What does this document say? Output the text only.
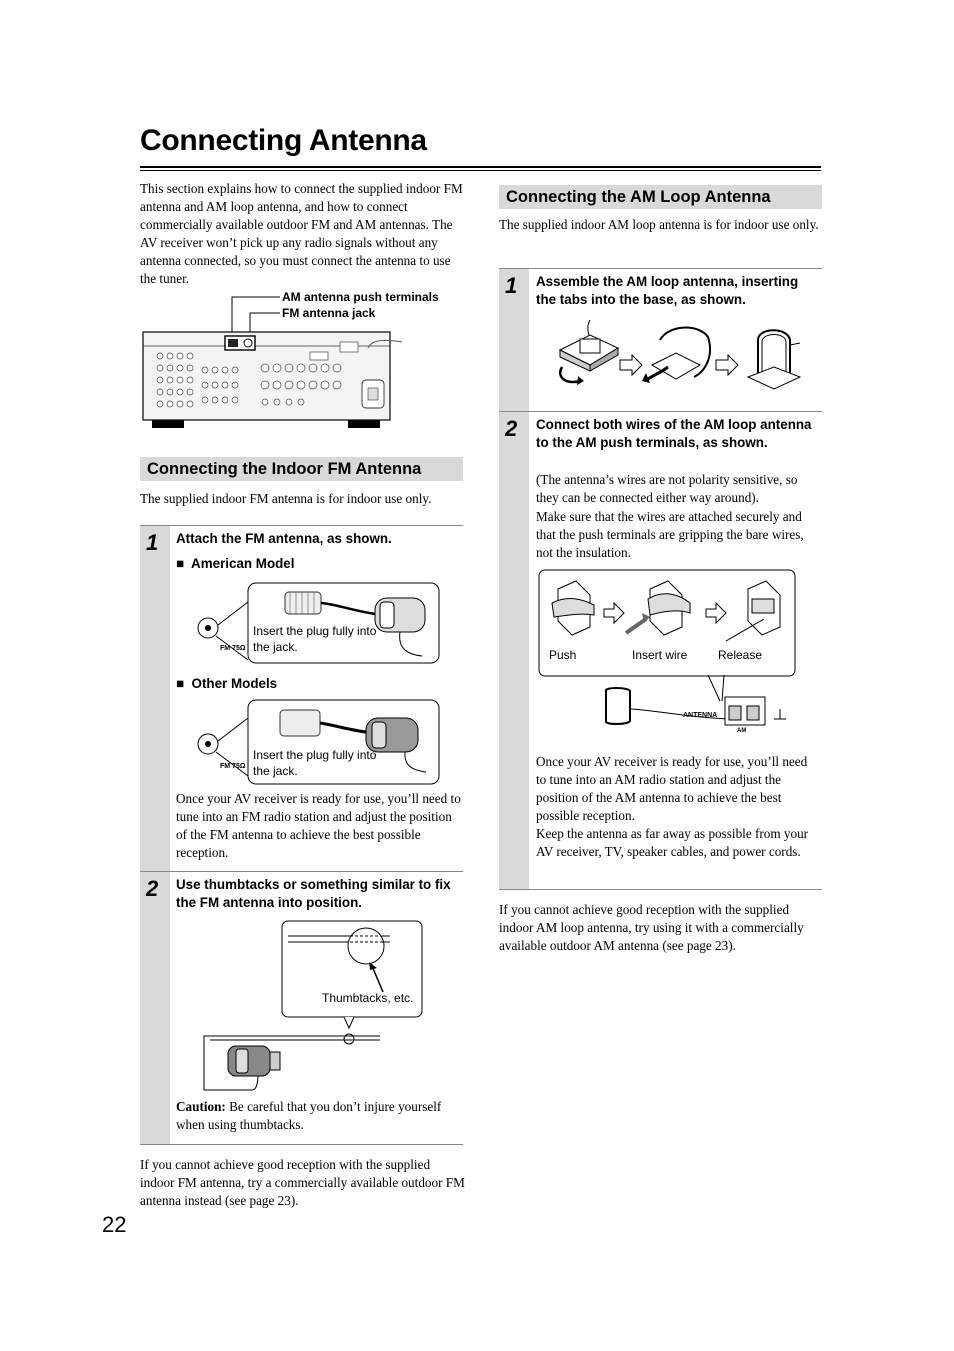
Connecting Antenna
This section explains how to connect the supplied indoor FM antenna and AM loop antenna, and how to connect commercially available outdoor FM and AM antennas. The AV receiver won’t pick up any radio signals without any antenna connected, so you must connect the antenna to use the tuner.
AM antenna push terminals
FM antenna jack
Connecting the Indoor FM Antenna
The supplied indoor FM antenna is for indoor use only.
1 Attach the FM antenna, as shown.
■ American Model
Insert the plug fully into the jack.
FM 75Ω
■ Other Models
Insert the plug fully into the jack.
FM 75Ω
Once your AV receiver is ready for use, you’ll need to tune into an FM radio station and adjust the position of the FM antenna to achieve the best possible reception.
2 Use thumbtacks or something similar to fix the FM antenna into position.
Thumbtacks, etc.
Caution: Be careful that you don’t injure yourself when using thumbtacks.
If you cannot achieve good reception with the supplied indoor FM antenna, try a commercially available outdoor FM antenna instead (see page 23).
Connecting the AM Loop Antenna
The supplied indoor AM loop antenna is for indoor use only.
1 Assemble the AM loop antenna, inserting the tabs into the base, as shown.
2 Connect both wires of the AM loop antenna to the AM push terminals, as shown.
(The antenna’s wires are not polarity sensitive, so they can be connected either way around).
Make sure that the wires are attached securely and that the push terminals are gripping the bare wires, not the insulation.
Push	Insert wire	Release
ANTENNA
AM
Once your AV receiver is ready for use, you’ll need to tune into an AM radio station and adjust the position of the AM antenna to achieve the best possible reception.
Keep the antenna as far away as possible from your AV receiver, TV, speaker cables, and power cords.
If you cannot achieve good reception with the supplied indoor AM loop antenna, try using it with a commercially available outdoor AM antenna (see page 23).
22
